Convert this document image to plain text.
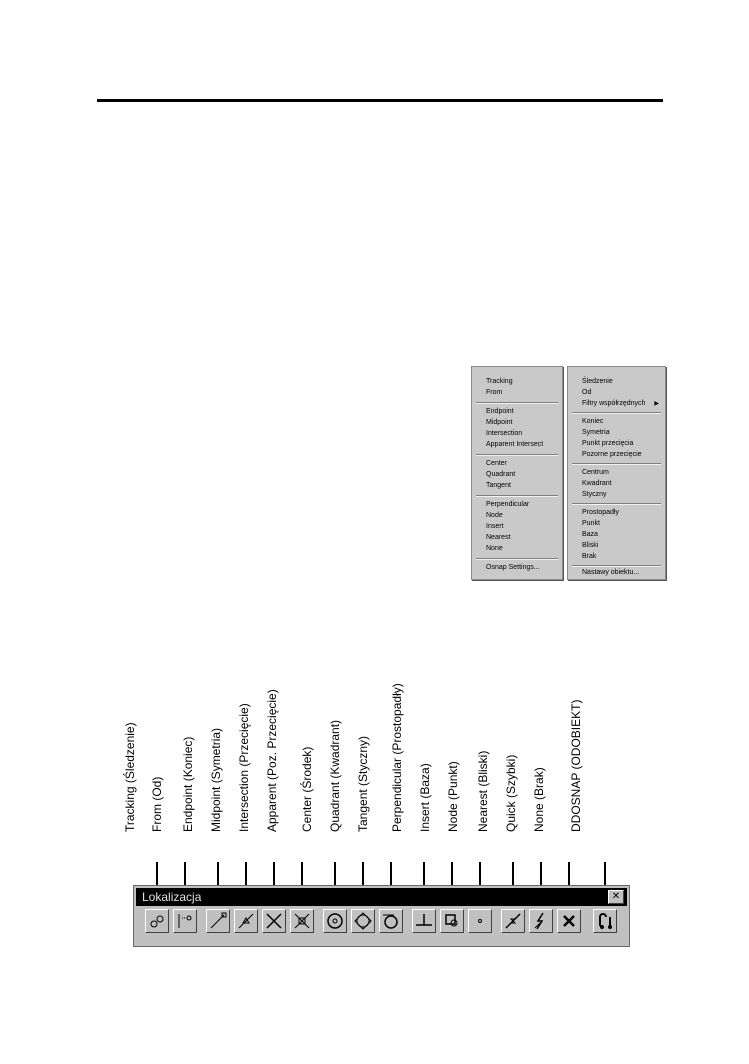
Tracking
From
Endpoint
Midpoint
Intersection
Apparent Intersect
Center
Quadrant
Tangent
Perpendicular
Node
Insert
Nearest
None
Osnap Settings...
Śledzenie
Od
Filtry współrzędnych ▶
Koniec
Symetria
Punkt przecięcia
Pozorne przecięcie
Centrum
Kwadrant
Styczny
Prostopadły
Punkt
Baza
Bliski
Brak
Nastawy obiektu...
Tracking (Śledzenie) From (Od) Endpoint (Koniec) Midpoint (Symetria) Intersection (Przecięcie) Apparent (Poz. Przecięcie) Center (Środek) Quadrant (Kwadrant) Tangent (Styczny) Perpendicular (Prostopadły) Insert (Baza) Node (Punkt) Nearest (Bliski) Quick (Szybki) None (Brak) DDOSNAP (ODOBIEKT)
Lokalizacja	✕
